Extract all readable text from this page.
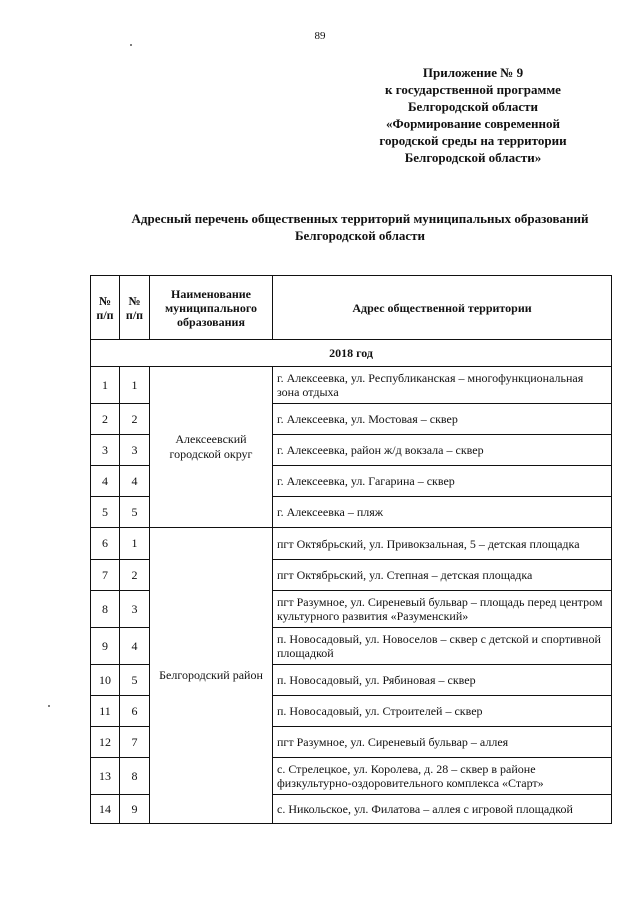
89
Приложение № 9
к государственной программе
Белгородской области
«Формирование современной
городской среды на территории
Белгородской области»
Адресный перечень общественных территорий муниципальных образований
Белгородской области
№ п/п	№ п/п	Наименование муниципального образования	Адрес общественной территории
2018 год			
1	1	Алексеевский городской округ	г. Алексеевка, ул. Республиканская – многофункциональная зона отдыха
2	2		г. Алексеевка, ул. Мостовая – сквер
3	3		г. Алексеевка, район ж/д вокзала – сквер
4	4		г. Алексеевка, ул. Гагарина – сквер
5	5		г. Алексеевка – пляж
6	1	Белгородский район	пгт Октябрьский, ул. Привокзальная, 5 – детская площадка
7	2		пгт Октябрьский, ул. Степная – детская площадка
8	3		пгт Разумное, ул. Сиреневый бульвар – площадь перед центром культурного развития «Разуменский»
9	4		п. Новосадовый, ул. Новоселов – сквер с детской и спортивной площадкой
10	5		п. Новосадовый, ул. Рябиновая – сквер
11	6		п. Новосадовый, ул. Строителей – сквер
12	7		пгт Разумное, ул. Сиреневый бульвар – аллея
13	8		с. Стрелецкое, ул. Королева, д. 28 – сквер в районе физкультурно-оздоровительного комплекса «Старт»
14	9		с. Никольское, ул. Филатова – аллея с игровой площадкой
